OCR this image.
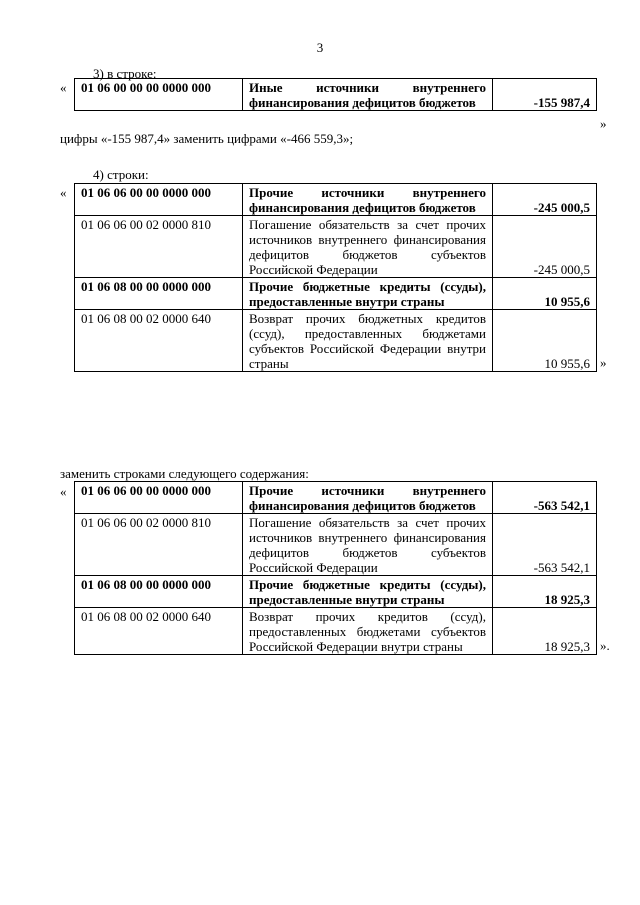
3
3) в строке:
« 01 06 00 00 00 0000 000	Иные источники внутреннего финансирования дефицитов бюджетов	-155 987,4
»
цифры «-155 987,4» заменить цифрами «-466 559,3»;
4) строки:
« 01 06 06 00 00 0000 000	Прочие источники внутреннего финансирования дефицитов бюджетов	-245 000,5
01 06 06 00 02 0000 810	Погашение обязательств за счет прочих источников внутреннего финансирования дефицитов бюджетов субъектов Российской Федерации	-245 000,5
01 06 08 00 00 0000 000	Прочие бюджетные кредиты (ссуды), предоставленные внутри страны	10 955,6
01 06 08 00 02 0000 640	Возврат прочих бюджетных кредитов (ссуд), предоставленных бюджетами субъектов Российской Федерации внутри страны	10 955,6 »
заменить строками следующего содержания:
« 01 06 06 00 00 0000 000	Прочие источники внутреннего финансирования дефицитов бюджетов	-563 542,1
01 06 06 00 02 0000 810	Погашение обязательств за счет прочих источников внутреннего финансирования дефицитов бюджетов субъектов Российской Федерации	-563 542,1
01 06 08 00 00 0000 000	Прочие бюджетные кредиты (ссуды), предоставленные внутри страны	18 925,3
01 06 08 00 02 0000 640	Возврат прочих кредитов (ссуд), предоставленных бюджетами субъектов Российской Федерации внутри страны	18 925,3 ».
